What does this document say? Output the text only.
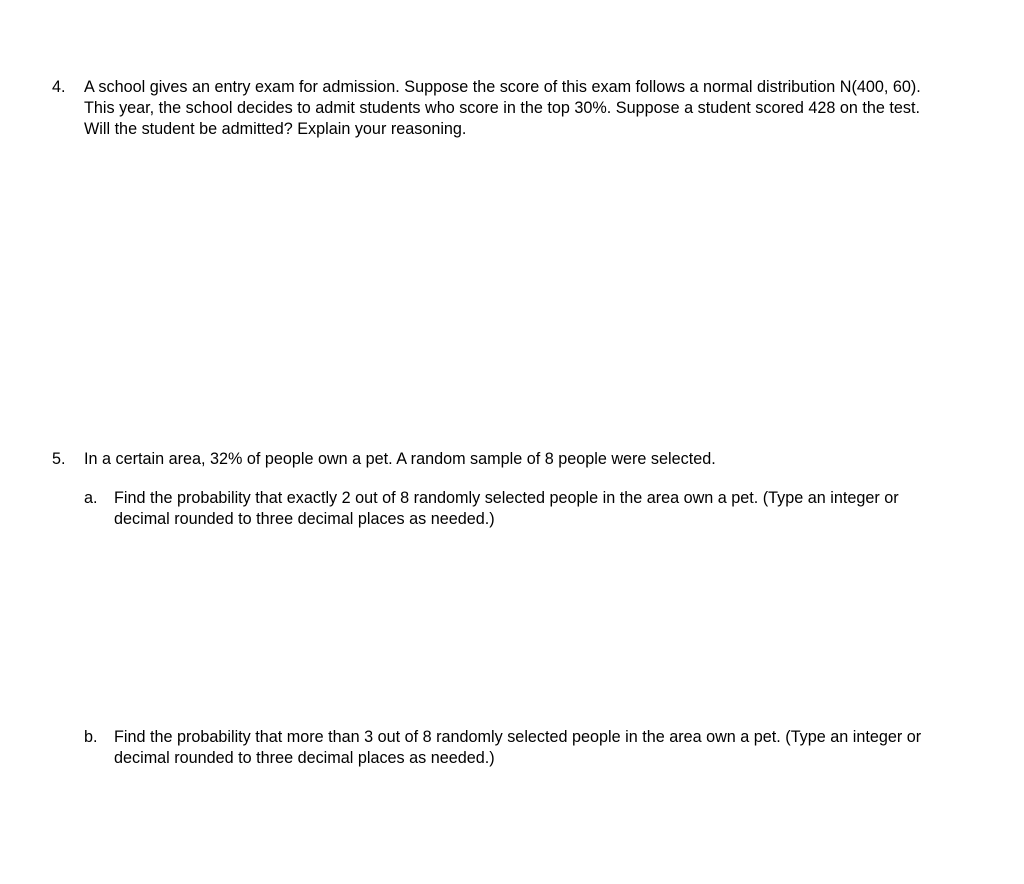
4. A school gives an entry exam for admission. Suppose the score of this exam follows a normal distribution N(400, 60).
This year, the school decides to admit students who score in the top 30%. Suppose a student scored 428 on the test.
Will the student be admitted? Explain your reasoning.
5. In a certain area, 32% of people own a pet. A random sample of 8 people were selected.
a. Find the probability that exactly 2 out of 8 randomly selected people in the area own a pet. (Type an integer or
decimal rounded to three decimal places as needed.)
b. Find the probability that more than 3 out of 8 randomly selected people in the area own a pet. (Type an integer or
decimal rounded to three decimal places as needed.)
